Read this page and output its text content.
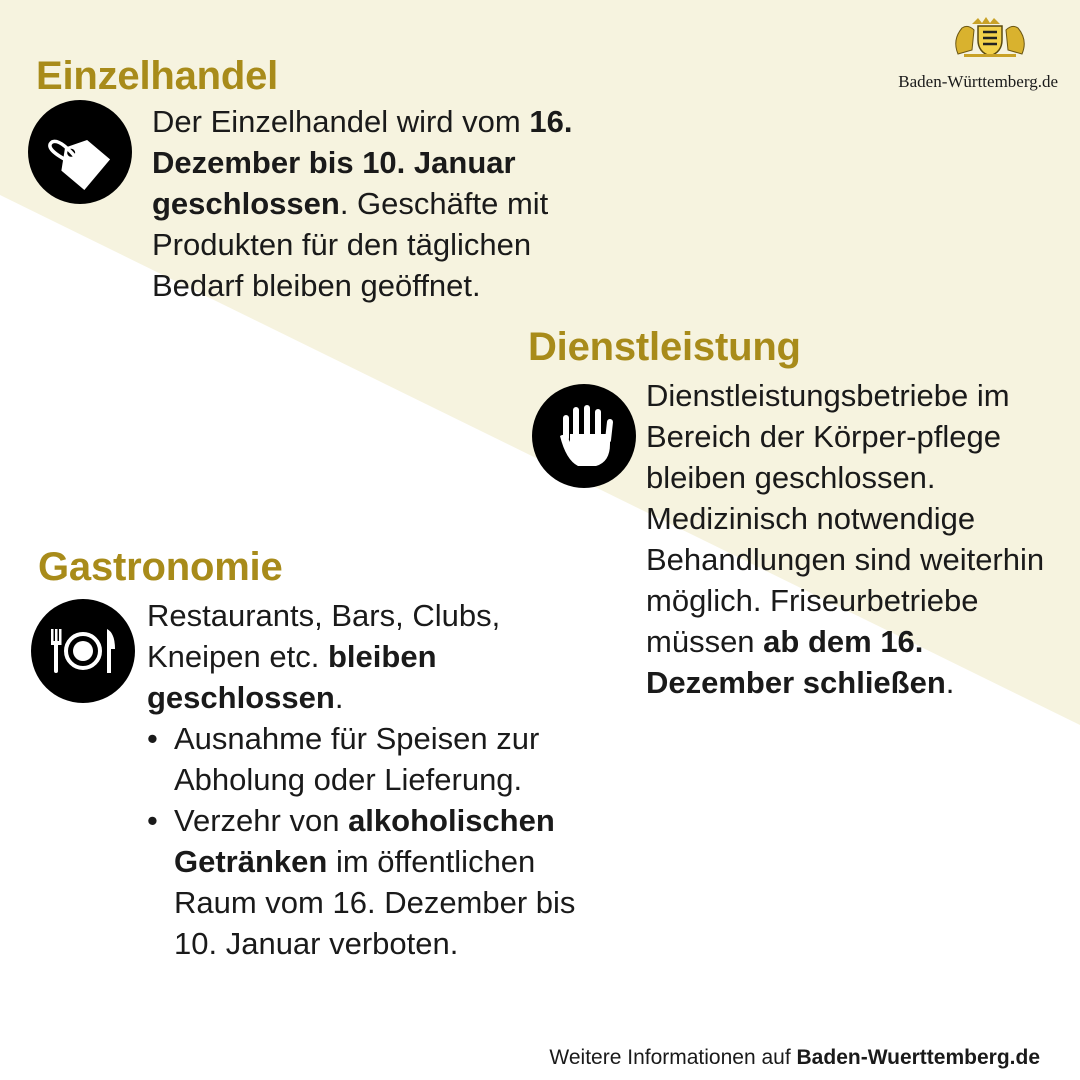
Baden-Württemberg.de
Einzelhandel

Der Einzelhandel wird vom 16. Dezember bis 10. Januar geschlossen. Geschäfte mit Produkten für den täglichen Bedarf bleiben geöffnet.

Dienstleistung

Dienstleistungsbetriebe im Bereich der Körper-pflege bleiben geschlossen. Medizinisch notwendige Behandlungen sind weiterhin möglich. Friseurbetriebe müssen ab dem 16. Dezember schließen.

Gastronomie

Restaurants, Bars, Clubs, Kneipen etc. bleiben geschlossen.

• Ausnahme für Speisen zur Abholung oder Lieferung.
• Verzehr von alkoholischen Getränken im öffentlichen Raum vom 16. Dezember bis 10. Januar verboten.
Weitere Informationen auf Baden-Wuerttemberg.de
